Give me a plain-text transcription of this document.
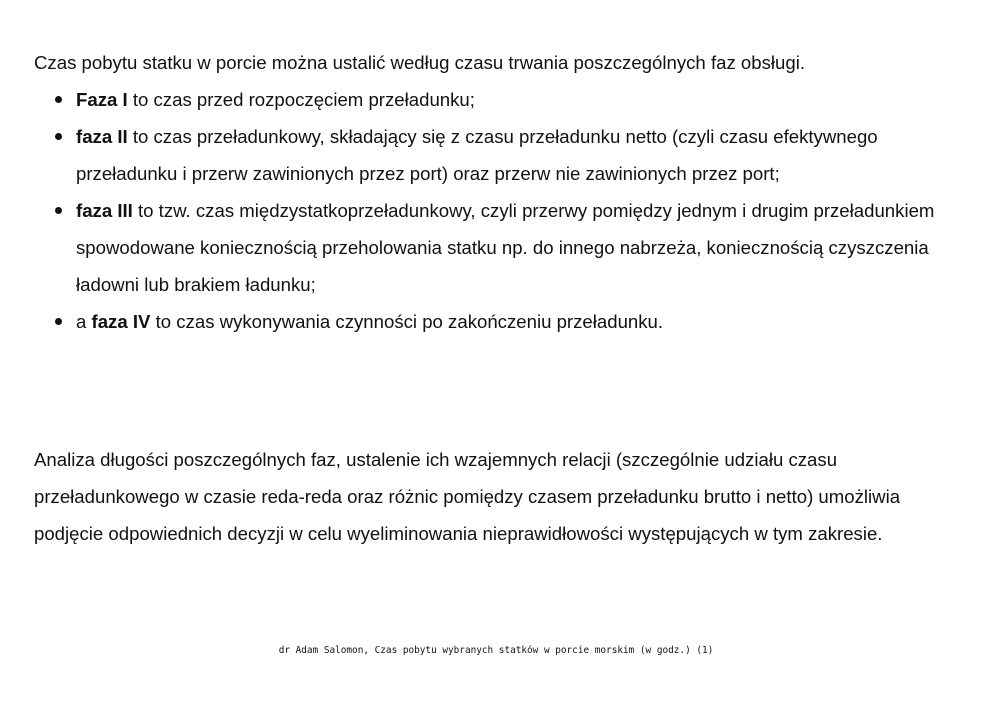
Czas pobytu statku w porcie można ustalić według czasu trwania poszczególnych faz obsługi.

Faza I to czas przed rozpoczęciem przeładunku;
faza II to czas przeładunkowy, składający się z czasu przeładunku netto (czyli czasu efektywnego przeładunku i przerw zawinionych przez port) oraz przerw nie zawinionych przez port;
faza III to tzw. czas międzystatkoprzeładunkowy, czyli przerwy pomiędzy jednym i drugim przeładunkiem spowodowane koniecznością przeholowania statku np. do innego nabrzeża, koniecznością czyszczenia ładowni lub brakiem ładunku;
a faza IV to czas wykonywania czynności po zakończeniu przeładunku.

Analiza długości poszczególnych faz, ustalenie ich wzajemnych relacji (szczególnie udziału czasu przeładunkowego w czasie reda-reda oraz różnic pomiędzy czasem przeładunku brutto i netto) umożliwia podjęcie odpowiednich decyzji w celu wyeliminowania nieprawidłowości występujących w tym zakresie.

dr Adam Salomon, Czas pobytu wybranych statków w porcie morskim (w godz.) (1)
